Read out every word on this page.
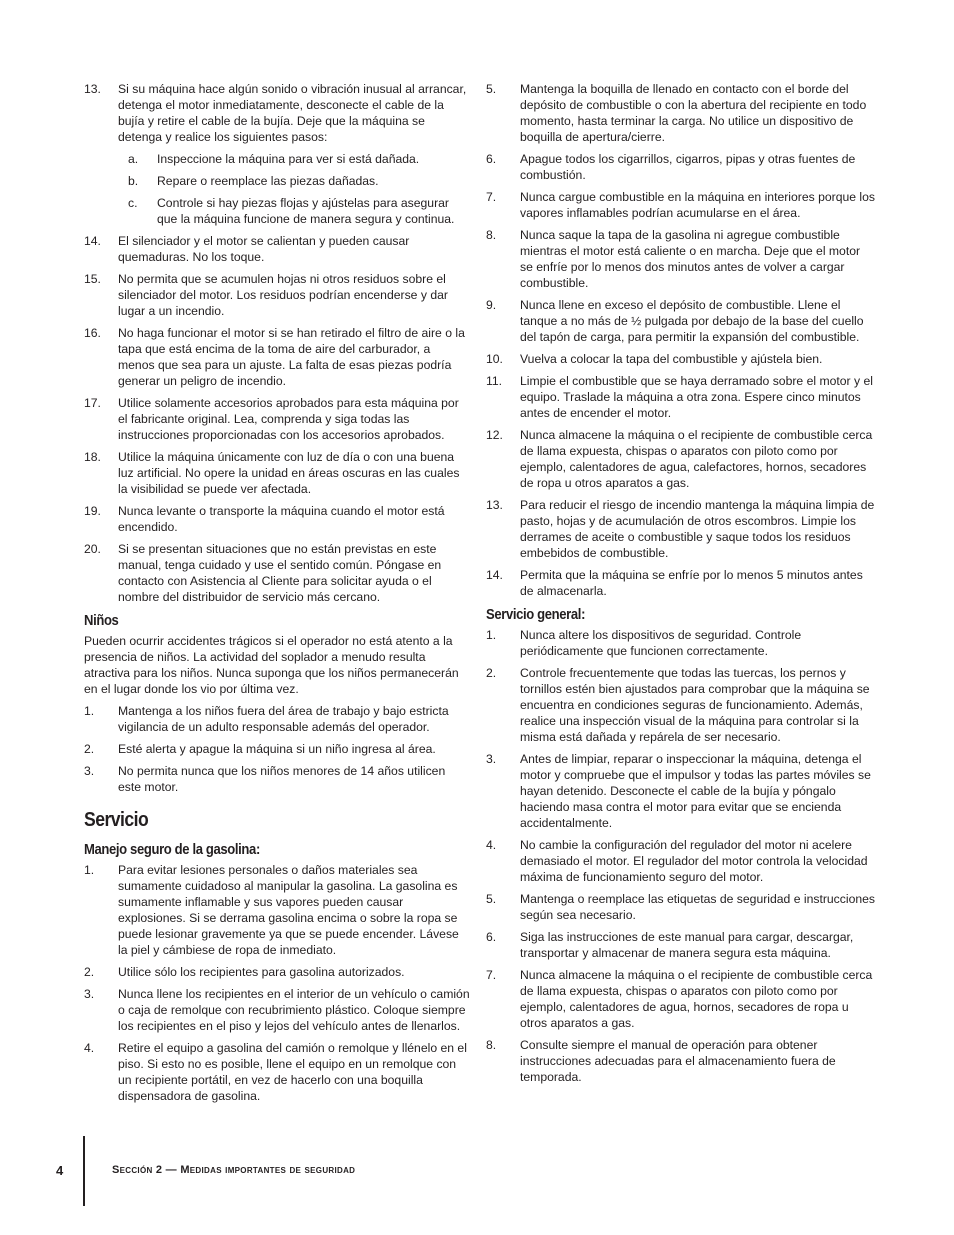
13. Si su máquina hace algún sonido o vibración inusual al arrancar, detenga el motor inmediatamente, desconecte el cable de la bujía y retire el cable de la bujía. Deje que la máquina se detenga y realice los siguientes pasos:
a. Inspeccione la máquina para ver si está dañada.
b. Repare o reemplace las piezas dañadas.
c. Controle si hay piezas flojas y ajústelas para asegurar que la máquina funcione de manera segura y continua.
14. El silenciador y el motor se calientan y pueden causar quemaduras. No los toque.
15. No permita que se acumulen hojas ni otros residuos sobre el silenciador del motor. Los residuos podrían encenderse y dar lugar a un incendio.
16. No haga funcionar el motor si se han retirado el filtro de aire o la tapa que está encima de la toma de aire del carburador, a menos que sea para un ajuste. La falta de esas piezas podría generar un peligro de incendio.
17. Utilice solamente accesorios aprobados para esta máquina por el fabricante original. Lea, comprenda y siga todas las instrucciones proporcionadas con los accesorios aprobados.
18. Utilice la máquina únicamente con luz de día o con una buena luz artificial. No opere la unidad en áreas oscuras en las cuales la visibilidad se puede ver afectada.
19. Nunca levante o transporte la máquina cuando el motor está encendido.
20. Si se presentan situaciones que no están previstas en este manual, tenga cuidado y use el sentido común. Póngase en contacto con Asistencia al Cliente para solicitar ayuda o el nombre del distribuidor de servicio más cercano.
Niños

Pueden ocurrir accidentes trágicos si el operador no está atento a la presencia de niños. La actividad del soplador a menudo resulta atractiva para los niños. Nunca suponga que los niños permanecerán en el lugar donde los vio por última vez.

1. Mantenga a los niños fuera del área de trabajo y bajo estricta vigilancia de un adulto responsable además del operador.
2. Esté alerta y apague la máquina si un niño ingresa al área.
3. No permita nunca que los niños menores de 14 años utilicen este motor.
Servicio
Manejo seguro de la gasolina:
1. Para evitar lesiones personales o daños materiales sea sumamente cuidadoso al manipular la gasolina. La gasolina es sumamente inflamable y sus vapores pueden causar explosiones. Si se derrama gasolina encima o sobre la ropa se puede lesionar gravemente ya que se puede encender. Lávese la piel y cámbiese de ropa de inmediato.
2. Utilice sólo los recipientes para gasolina autorizados.
3. Nunca llene los recipientes en el interior de un vehículo o camión o caja de remolque con recubrimiento plástico. Coloque siempre los recipientes en el piso y lejos del vehículo antes de llenarlos.
4. Retire el equipo a gasolina del camión o remolque y llénelo en el piso. Si esto no es posible, llene el equipo en un remolque con un recipiente portátil, en vez de hacerlo con una boquilla dispensadora de gasolina.
5. Mantenga la boquilla de llenado en contacto con el borde del depósito de combustible o con la abertura del recipiente en todo momento, hasta terminar la carga. No utilice un dispositivo de boquilla de apertura/cierre.
6. Apague todos los cigarrillos, cigarros, pipas y otras fuentes de combustión.
7. Nunca cargue combustible en la máquina en interiores porque los vapores inflamables podrían acumularse en el área.
8. Nunca saque la tapa de la gasolina ni agregue combustible mientras el motor está caliente o en marcha. Deje que el motor se enfríe por lo menos dos minutos antes de volver a cargar combustible.
9. Nunca llene en exceso el depósito de combustible. Llene el tanque a no más de ½ pulgada por debajo de la base del cuello del tapón de carga, para permitir la expansión del combustible.
10. Vuelva a colocar la tapa del combustible y ajústela bien.
11. Limpie el combustible que se haya derramado sobre el motor y el equipo. Traslade la máquina a otra zona. Espere cinco minutos antes de encender el motor.
12. Nunca almacene la máquina o el recipiente de combustible cerca de llama expuesta, chispas o aparatos con piloto como por ejemplo, calentadores de agua, calefactores, hornos, secadores de ropa u otros aparatos a gas.
13. Para reducir el riesgo de incendio mantenga la máquina limpia de pasto, hojas y de acumulación de otros escombros. Limpie los derrames de aceite o combustible y saque todos los residuos embebidos de combustible.
14. Permita que la máquina se enfríe por lo menos 5 minutos antes de almacenarla.
Servicio general:
1. Nunca altere los dispositivos de seguridad. Controle periódicamente que funcionen correctamente.
2. Controle frecuentemente que todas las tuercas, los pernos y tornillos estén bien ajustados para comprobar que la máquina se encuentra en condiciones seguras de funcionamiento. Además, realice una inspección visual de la máquina para controlar si la misma está dañada y repárela de ser necesario.
3. Antes de limpiar, reparar o inspeccionar la máquina, detenga el motor y compruebe que el impulsor y todas las partes móviles se hayan detenido. Desconecte el cable de la bujía y póngalo haciendo masa contra el motor para evitar que se encienda accidentalmente.
4. No cambie la configuración del regulador del motor ni acelere demasiado el motor. El regulador del motor controla la velocidad máxima de funcionamiento seguro del motor.
5. Mantenga o reemplace las etiquetas de seguridad e instrucciones según sea necesario.
6. Siga las instrucciones de este manual para cargar, descargar, transportar y almacenar de manera segura esta máquina.
7. Nunca almacene la máquina o el recipiente de combustible cerca de llama expuesta, chispas o aparatos con piloto como por ejemplo, calentadores de agua, hornos, secadores de ropa u otros aparatos a gas.
8. Consulte siempre el manual de operación para obtener instrucciones adecuadas para el almacenamiento fuera de temporada.
4	Sección 2 — Medidas importantes de seguridad
